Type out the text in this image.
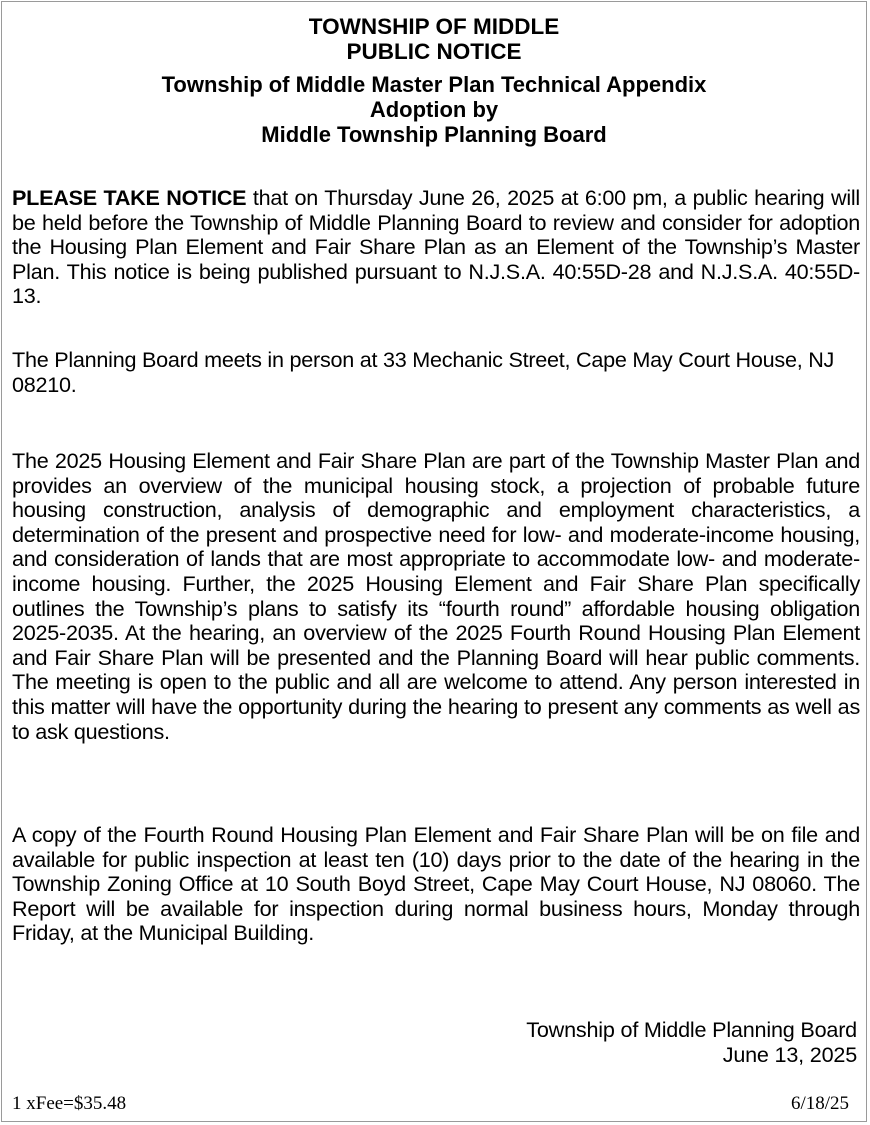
TOWNSHIP OF MIDDLE
PUBLIC NOTICE
Township of Middle Master Plan Technical Appendix
Adoption by
Middle Township Planning Board

PLEASE TAKE NOTICE that on Thursday June 26, 2025 at 6:00 pm, a public hearing will be held before the Township of Middle Planning Board to review and consider for adoption the Housing Plan Element and Fair Share Plan as an Element of the Township’s Master Plan. This notice is being published pursuant to N.J.S.A. 40:55D-28 and N.J.S.A. 40:55D-13.

The Planning Board meets in person at 33 Mechanic Street, Cape May Court House, NJ 08210.

The 2025 Housing Element and Fair Share Plan are part of the Township Master Plan and provides an overview of the municipal housing stock, a projection of probable future housing construction, analysis of demographic and employment characteristics, a determination of the present and prospective need for low- and moderate-income housing, and consideration of lands that are most appropriate to accommodate low- and moderate-income housing. Further, the 2025 Housing Element and Fair Share Plan specifically outlines the Township’s plans to satisfy its “fourth round” affordable housing obligation 2025-2035. At the hearing, an overview of the 2025 Fourth Round Housing Plan Element and Fair Share Plan will be presented and the Planning Board will hear public comments. The meeting is open to the public and all are welcome to attend. Any person interested in this matter will have the opportunity during the hearing to present any comments as well as to ask questions.

A copy of the Fourth Round Housing Plan Element and Fair Share Plan will be on file and available for public inspection at least ten (10) days prior to the date of the hearing in the Township Zoning Office at 10 South Boyd Street, Cape May Court House, NJ 08060. The Report will be available for inspection during normal business hours, Monday through Friday, at the Municipal Building.

Township of Middle Planning Board
June 13, 2025
1 xFee=$35.48	6/18/25
